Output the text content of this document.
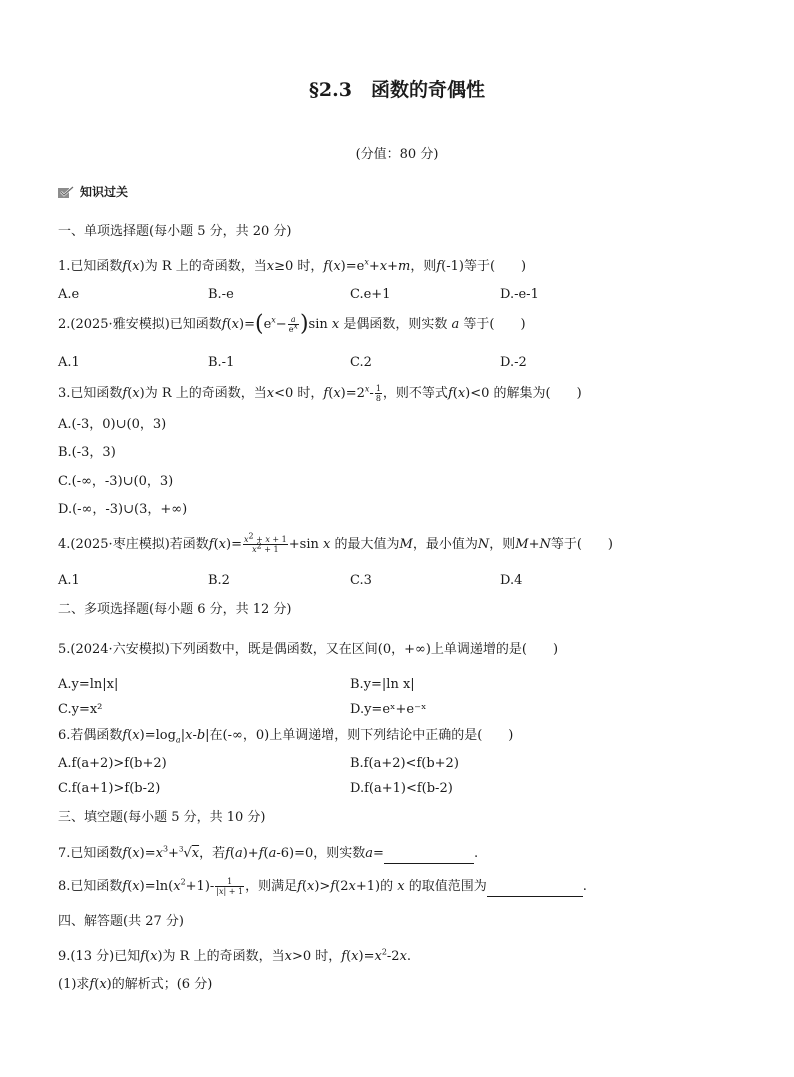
§2.3　函数的奇偶性
(分值：80 分)
知识过关
一、单项选择题(每小题 5 分，共 20 分)
1.已知函数f(x)为 R 上的奇函数，当x≥0 时，$f(x)=e^x+x+m$，则f(-1)等于(　　)
A.e	B.-e	C.e+1	D.-e-1
2.(2025·雅安模拟)已知函数$f(x)=(e^x- \frac{a}{e^x} )\sin$ x 是偶函数，则实数 a 等于(　　)
A.1	B.-1	C.2	D.-2
3.已知函数f(x)为 R 上的奇函数，当x<0 时，$f(x)=2^x- \frac{1}{8}$ ，则不等式f(x)<0 的解集为(　　)
A.(-3，0)∪(0，3)
B.(-3，3)
C.(-∞，-3)∪(0，3)
D.(-∞，-3)∪(3，+∞)
4.(2025·枣庄模拟)若函数$f(x)= \frac{x^2 + x + 1}{x^2 + 1} +\sin$ x 的最大值为M，最小值为N，则M+N等于(　　)
A.1	B.2	C.3	D.4
二、多项选择题(每小题 6 分，共 12 分)
5.(2024·六安模拟)下列函数中，既是偶函数，又在区间(0，+∞)上单调递增的是(　　)
A.y=ln|x|	B.y=|ln x|
C.y=x²	D.y=eˣ+e⁻ˣ
6.若偶函数$f(x)=\log_a|x-b|$在(-∞，0)上单调递增，则下列结论中正确的是(　　)
A.f(a+2)>f(b+2)	B.f(a+2)<f(b+2)
C.f(a+1)>f(b-2)	D.f(a+1)<f(b-2)
三、填空题(每小题 5 分，共 10 分)
7.已知函数$f(x)=x^3+^3√x$，若f(a)+f(a-6)=0，则实数a=	.
8.已知函数$f(x)=\ln(x^2+1)- \frac{1}{|x| + 1}$ ，则满足f(x)>f(2x+1)的 x 的取值范围为	.
四、解答题(共 27 分)
9.(13 分)已知f(x)为 R 上的奇函数，当x>0 时，$f(x)=x^2-2x$.
(1)求f(x)的解析式；(6 分)
